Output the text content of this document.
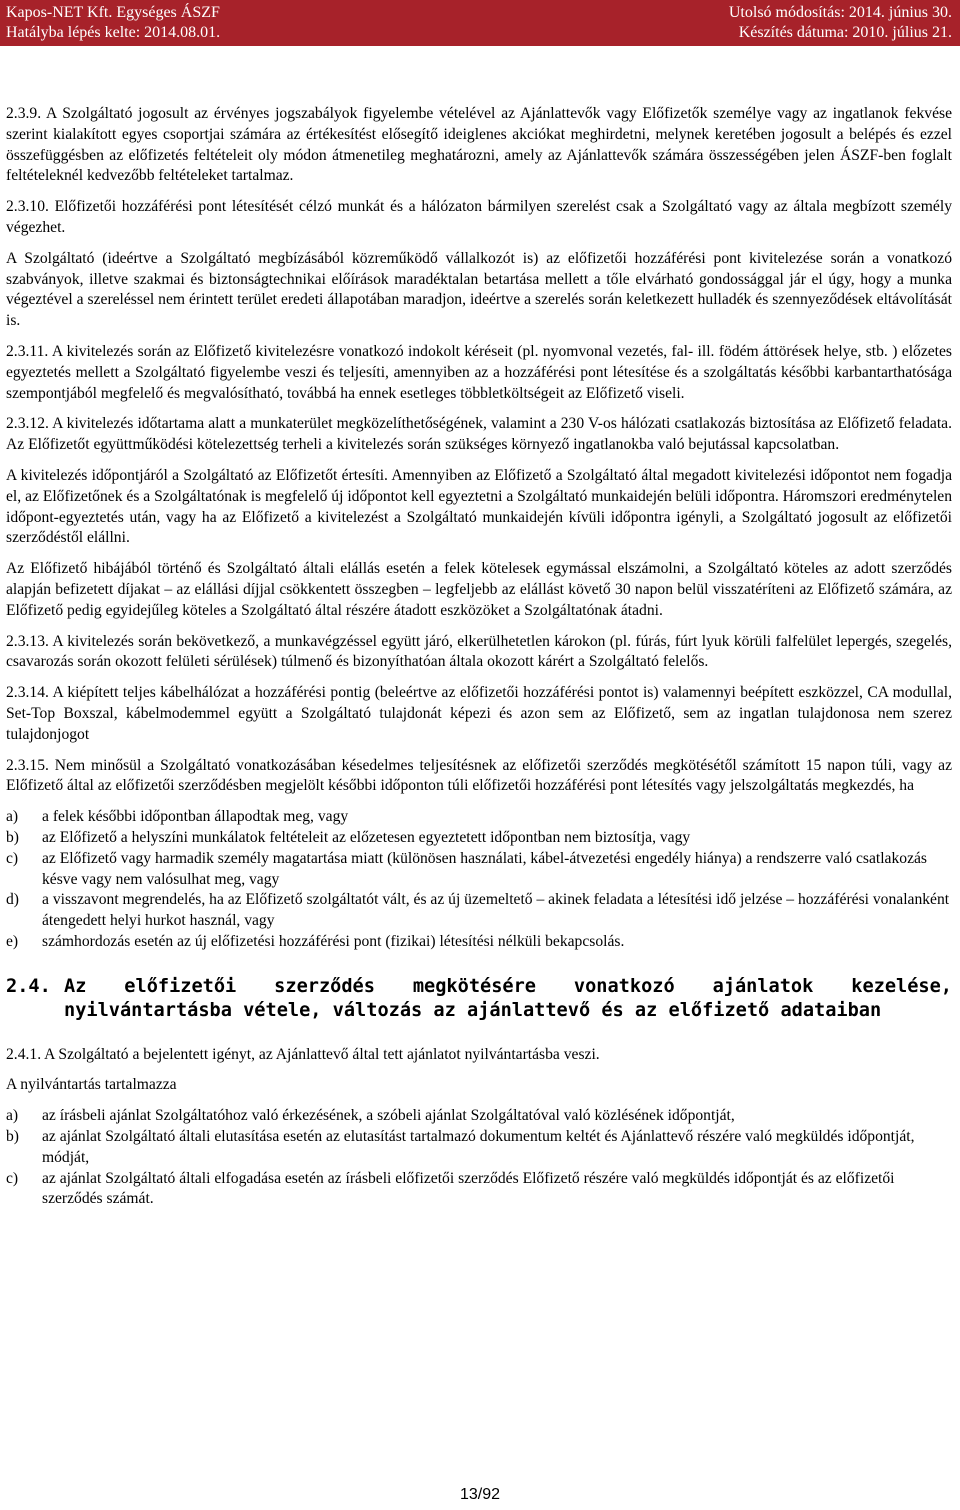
Kapos-NET Kft. Egységes ÁSZF
Hatályba lépés kelte: 2014.08.01.
Utolsó módosítás: 2014. június 30.
Készítés dátuma: 2010. július 21.

2.3.9. A Szolgáltató jogosult az érvényes jogszabályok figyelembe vételével az Ajánlattevők vagy Előfizetők személye vagy az ingatlanok fekvése szerint kialakított egyes csoportjai számára az értékesítést elősegítő ideiglenes akciókat meghirdetni, melynek keretében jogosult a belépés és ezzel összefüggésben az előfizetés feltételeit oly módon átmenetileg meghatározni, amely az Ajánlattevők számára összességében jelen ÁSZF-ben foglalt feltételeknél kedvezőbb feltételeket tartalmaz.

2.3.10. Előfizetői hozzáférési pont létesítését célzó munkát és a hálózaton bármilyen szerelést csak a Szolgáltató vagy az általa megbízott személy végezhet.

A Szolgáltató (ideértve a Szolgáltató megbízásából közreműködő vállalkozót is) az előfizetői hozzáférési pont kivitelezése során a vonatkozó szabványok, illetve szakmai és biztonságtechnikai előírások maradéktalan betartása mellett a tőle elvárható gondossággal jár el úgy, hogy a munka végeztével a szereléssel nem érintett terület eredeti állapotában maradjon, ideértve a szerelés során keletkezett hulladék és szennyeződések eltávolítását is.

2.3.11. A kivitelezés során az Előfizető kivitelezésre vonatkozó indokolt kéréseit (pl. nyomvonal vezetés, fal- ill. födém áttörések helye, stb. ) előzetes egyeztetés mellett a Szolgáltató figyelembe veszi és teljesíti, amennyiben az a hozzáférési pont létesítése és a szolgáltatás későbbi karbantarthatósága szempontjából megfelelő és megvalósítható, továbbá ha ennek esetleges többletköltségeit az Előfizető viseli.

2.3.12. A kivitelezés időtartama alatt a munkaterület megközelíthetőségének, valamint a 230 V-os hálózati csatlakozás biztosítása az Előfizető feladata. Az Előfizetőt együttműködési kötelezettség terheli a kivitelezés során szükséges környező ingatlanokba való bejutással kapcsolatban.

A kivitelezés időpontjáról a Szolgáltató az Előfizetőt értesíti. Amennyiben az Előfizető a Szolgáltató által megadott kivitelezési időpontot nem fogadja el, az Előfizetőnek és a Szolgáltatónak is megfelelő új időpontot kell egyeztetni a Szolgáltató munkaidején belüli időpontra. Háromszori eredménytelen időpont-egyeztetés után, vagy ha az Előfizető a kivitelezést a Szolgáltató munkaidején kívüli időpontra igényli, a Szolgáltató jogosult az előfizetői szerződéstől elállni.

Az Előfizető hibájából történő és Szolgáltató általi elállás esetén a felek kötelesek egymással elszámolni, a Szolgáltató köteles az adott szerződés alapján befizetett díjakat – az elállási díjjal csökkentett összegben – legfeljebb az elállást követő 30 napon belül visszatéríteni az Előfizető számára, az Előfizető pedig egyidejűleg köteles a Szolgáltató által részére átadott eszközöket a Szolgáltatónak átadni.

2.3.13. A kivitelezés során bekövetkező, a munkavégzéssel együtt járó, elkerülhetetlen károkon (pl. fúrás, fúrt lyuk körüli falfelület lepergés, szegelés, csavarozás során okozott felületi sérülések) túlmenő és bizonyíthatóan általa okozott kárért a Szolgáltató felelős.

2.3.14. A kiépített teljes kábelhálózat a hozzáférési pontig (beleértve az előfizetői hozzáférési pontot is) valamennyi beépített eszközzel, CA modullal, Set-Top Boxszal, kábelmodemmel együtt a Szolgáltató tulajdonát képezi és azon sem az Előfizető, sem az ingatlan tulajdonosa nem szerez tulajdonjogot

2.3.15. Nem minősül a Szolgáltató vonatkozásában késedelmes teljesítésnek az előfizetői szerződés megkötésétől számított 15 napon túli, vagy az Előfizető által az előfizetői szerződésben megjelölt későbbi időponton túli előfizetői hozzáférési pont létesítés vagy jelszolgáltatás megkezdés, ha

a)	a felek későbbi időpontban állapodtak meg, vagy
b)	az Előfizető a helyszíni munkálatok feltételeit az előzetesen egyeztetett időpontban nem biztosítja, vagy
c)	az Előfizető vagy harmadik személy magatartása miatt (különösen használati, kábel-átvezetési engedély hiánya) a rendszerre való csatlakozás késve vagy nem valósulhat meg, vagy
d)	a visszavont megrendelés, ha az Előfizető szolgáltatót vált, és az új üzemeltető – akinek feladata a létesítési idő jelzése – hozzáférési vonalanként átengedett helyi hurkot használ, vagy
e)	számhordozás esetén az új előfizetési hozzáférési pont (fizikai) létesítési nélküli bekapcsolás.
2.4. Az előfizetői szerződés megkötésére vonatkozó ajánlatok kezelése, nyilvántartásba vétele, változás az ajánlattevő és az előfizető adataiban

2.4.1. A Szolgáltató a bejelentett igényt, az Ajánlattevő által tett ajánlatot nyilvántartásba veszi.

A nyilvántartás tartalmazza

a)	az írásbeli ajánlat Szolgáltatóhoz való érkezésének, a szóbeli ajánlat Szolgáltatóval való közlésének időpontját,
b)	az ajánlat Szolgáltató általi elutasítása esetén az elutasítást tartalmazó dokumentum keltét és Ajánlattevő részére való megküldés időpontját, módját,
c)	az ajánlat Szolgáltató általi elfogadása esetén az írásbeli előfizetői szerződés Előfizető részére való megküldés időpontját és az előfizetői szerződés számát.
13/92
